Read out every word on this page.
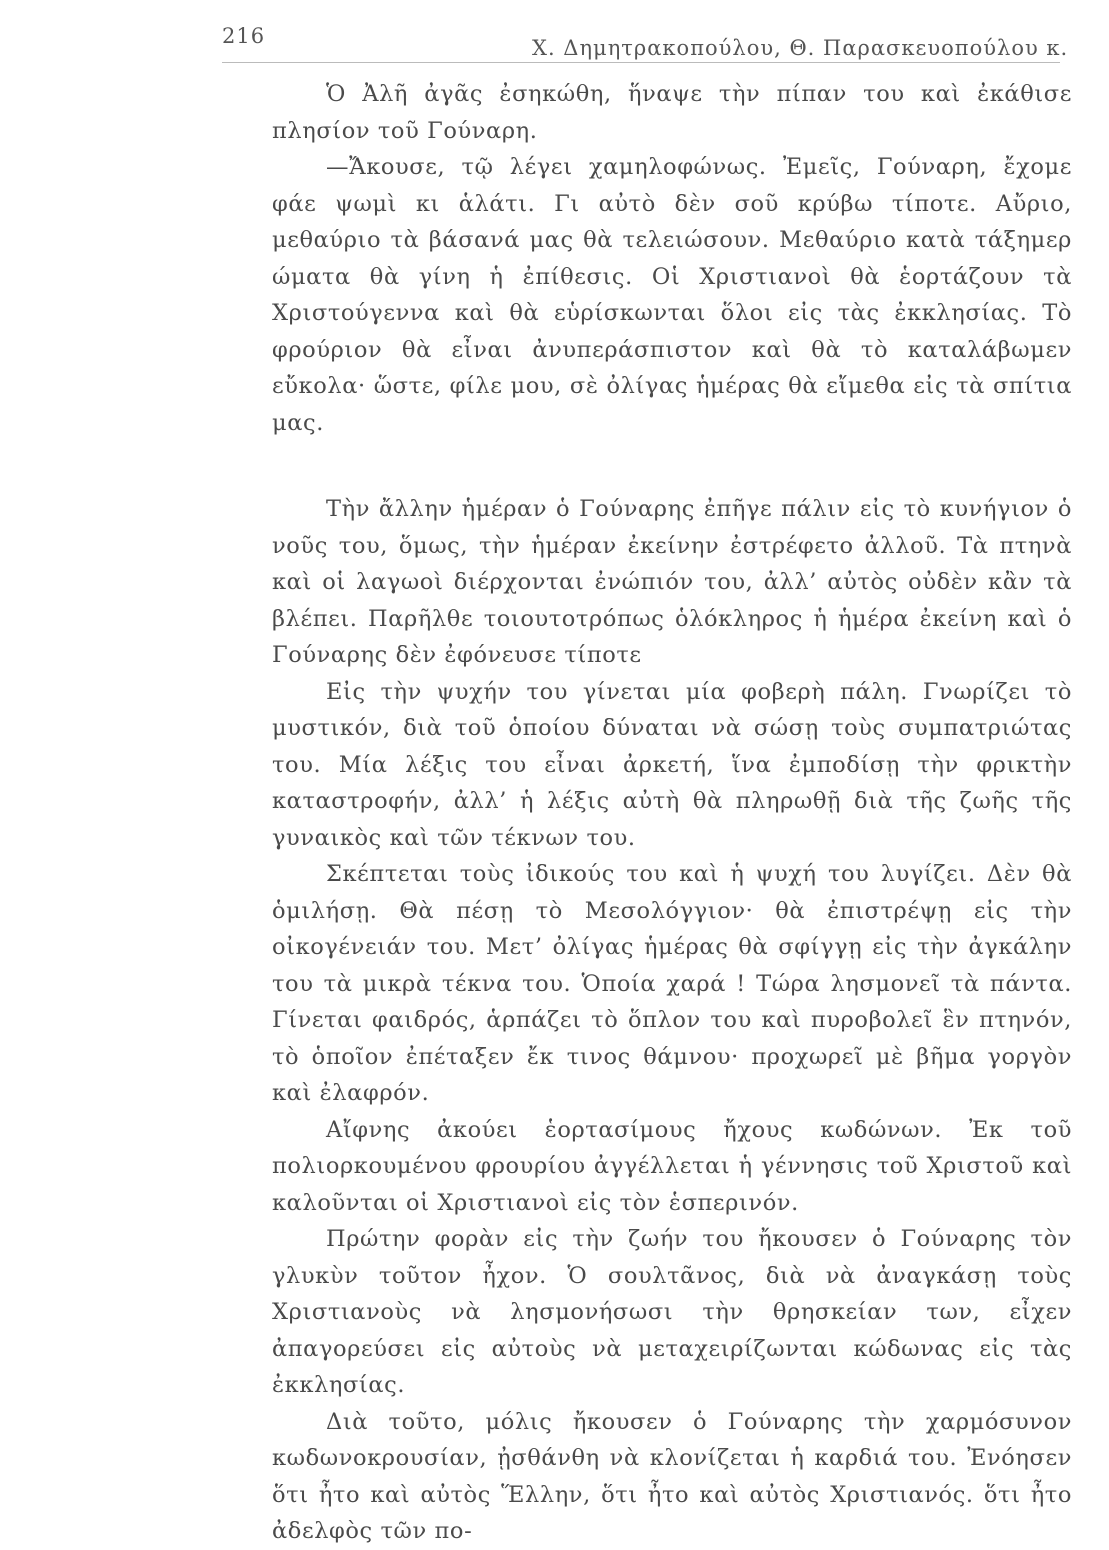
216	Χ. Δημητρακοπούλου, Θ. Παρασκευοπούλου κ.

Ὁ Ἀλῆ ἀγᾶς ἐσηκώθη, ἥναψε τὴν πίπαν του καὶ ἐκάθισε πλησίον τοῦ Γούναρη.

—Ἄκουσε, τῷ λέγει χαμηλοφώνως. Ἐμεῖς, Γούναρη, ἔχομε φάε ψωμὶ κι ἁλάτι. Γι αὐτὸ δὲν σοῦ κρύβω τίποτε. Αὔριο, μεθαύριο τὰ βάσανά μας θὰ τελειώσουν. Μεθαύριο κατὰ τάξημερ ώματα θὰ γίνη ἡ ἐπίθεσις. Οἱ Χριστιανοὶ θὰ ἑορτάζουν τὰ Χριστούγεννα καὶ θὰ εὑρίσκωνται ὅλοι εἰς τὰς ἐκκλησίας. Τὸ φρούριον θὰ εἶναι ἀνυπεράσπιστον καὶ θὰ τὸ καταλάβωμεν εὔκολα· ὥστε, φίλε μου, σὲ ὀλίγας ἡμέρας θὰ εἴμεθα εἰς τὰ σπίτια μας.

Τὴν ἄλλην ἡμέραν ὁ Γούναρης ἐπῆγε πάλιν εἰς τὸ κυνήγιον ὁ νοῦς του, ὅμως, τὴν ἡμέραν ἐκείνην ἐστρέφετο ἀλλοῦ. Τὰ πτηνὰ καὶ οἱ λαγωοὶ διέρχονται ἐνώπιόν του, ἀλλ’ αὐτὸς οὐδὲν κἂν τὰ βλέπει. Παρῆλθε τοιουτοτρόπως ὁλόκληρος ἡ ἡμέρα ἐκείνη καὶ ὁ Γούναρης δὲν ἐφόνευσε τίποτε

Εἰς τὴν ψυχήν του γίνεται μία φοβερὴ πάλη. Γνωρίζει τὸ μυστικόν, διὰ τοῦ ὁποίου δύναται νὰ σώσῃ τοὺς συμπατριώτας του. Μία λέξις του εἶναι ἀρκετή, ἵνα ἐμποδίσῃ τὴν φρικτὴν καταστροφήν, ἀλλ’ ἡ λέξις αὐτὴ θὰ πληρωθῇ διὰ τῆς ζωῆς τῆς γυναικὸς καὶ τῶν τέκνων του.

Σκέπτεται τοὺς ἰδικούς του καὶ ἡ ψυχή του λυγίζει. Δὲν θὰ ὁμιλήσῃ. Θὰ πέσῃ τὸ Μεσολόγγιον· θὰ ἐπιστρέψῃ εἰς τὴν οἰκογένειάν του. Μετ’ ὀλίγας ἡμέρας θὰ σφίγγῃ εἰς τὴν ἀγκάλην του τὰ μικρὰ τέκνα του. Ὁποία χαρά ! Τώρα λησμονεῖ τὰ πάντα. Γίνεται φαιδρός, ἁρπάζει τὸ ὅπλον του καὶ πυροβολεῖ ἓν πτηνόν, τὸ ὁποῖον ἐπέταξεν ἔκ τινος θάμνου· προχωρεῖ μὲ βῆμα γοργὸν καὶ ἐλαφρόν.

Αἴφνης ἀκούει ἑορτασίμους ἤχους κωδώνων. Ἐκ τοῦ πολιορκουμένου φρουρίου ἀγγέλλεται ἡ γέννησις τοῦ Χριστοῦ καὶ καλοῦνται οἱ Χριστιανοὶ εἰς τὸν ἑσπερινόν.

Πρώτην φορὰν εἰς τὴν ζωήν του ἤκουσεν ὁ Γούναρης τὸν γλυκὺν τοῦτον ἦχον. Ὁ σουλτᾶνος, διὰ νὰ ἀναγκάσῃ τοὺς Χριστιανοὺς νὰ λησμονήσωσι τὴν θρησκείαν των, εἶχεν ἀπαγορεύσει εἰς αὐτοὺς νὰ μεταχειρίζωνται κώδωνας εἰς τὰς ἐκκλησίας.

Διὰ τοῦτο, μόλις ἤκουσεν ὁ Γούναρης τὴν χαρμόσυνον κωδωνοκρουσίαν, ᾐσθάνθη νὰ κλονίζεται ἡ καρδιά του. Ἐνόησεν ὅτι ἦτο καὶ αὐτὸς Ἕλλην, ὅτι ἦτο καὶ αὐτὸς Χριστιανός. ὅτι ἦτο ἀδελφὸς τῶν πο-
